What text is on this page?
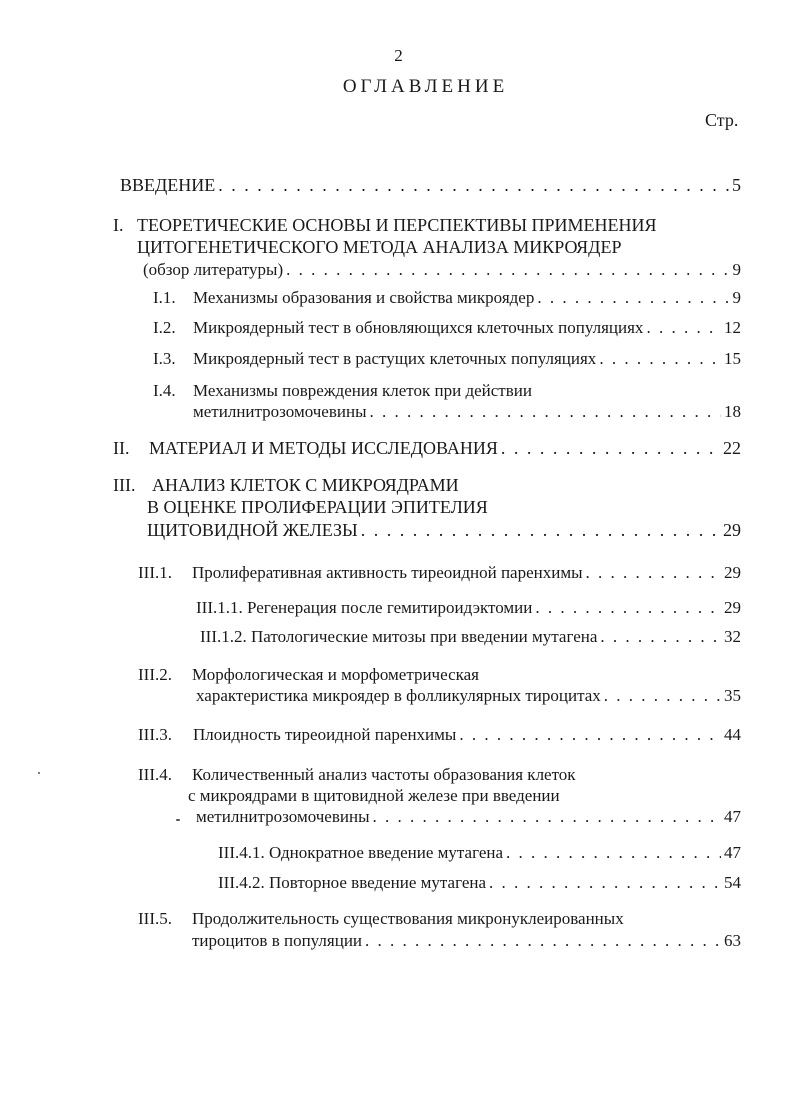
2
ОГЛАВЛЕНИЕ
Стр.
ВВЕДЕНИЕ . . .	5
I. ТЕОРЕТИЧЕСКИЕ ОСНОВЫ И ПЕРСПЕКТИВЫ ПРИМЕНЕНИЯ
ЦИТОГЕНЕТИЧЕСКОГО МЕТОДА АНАЛИЗА МИКРОЯДЕР
(обзор литературы) . . .	9
I.1. Механизмы образования и свойства микроядер . . .	9
I.2. Микроядерный тест в обновляющихся клеточных популяциях . . .	12
I.3. Микроядерный тест в растущих клеточных популяциях . . .	15
I.4. Механизмы повреждения клеток при действии
метилнитрозомочевины . . .	18
II. МАТЕРИАЛ И МЕТОДЫ ИССЛЕДОВАНИЯ . . .	22
III. АНАЛИЗ КЛЕТОК С МИКРОЯДРАМИ
В ОЦЕНКЕ ПРОЛИФЕРАЦИИ ЭПИТЕЛИЯ
ЩИТОВИДНОЙ ЖЕЛЕЗЫ . . .	29
III.1. Пролиферативная активность тиреоидной паренхимы . . .	29
III.1.1. Регенерация после гемитироидэктомии . . .	29
III.1.2. Патологические митозы при введении мутагена . . .	32
III.2. Морфологическая и морфометрическая
характеристика микроядер в фолликулярных тироцитах . . .	35
III.3. Плоидность тиреоидной паренхимы . . .	44
III.4. Количественный анализ частоты образования клеток
с микроядрами в щитовидной железе при введении
метилнитрозомочевины . . .	47
III.4.1. Однократное введение мутагена . . .	47
III.4.2. Повторное введение мутагена . . .	54
III.5. Продолжительность существования микронуклеированных
тироцитов в популяции . . .	63
